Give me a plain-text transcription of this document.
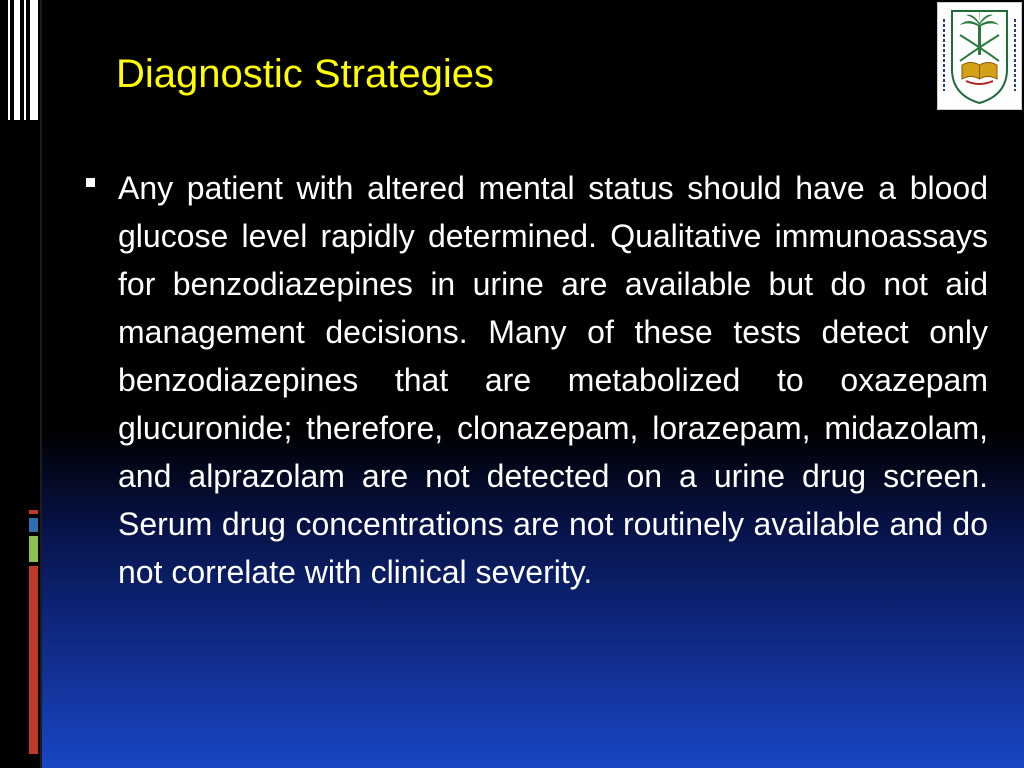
Diagnostic Strategies

Any patient with altered mental status should have a blood glucose level rapidly determined. Qualitative immunoassays for benzodiazepines in urine are available but do not aid management decisions. Many of these tests detect only benzodiazepines that are metabolized to oxazepam glucuronide; therefore, clonazepam, lorazepam, midazolam, and alprazolam are not detected on a urine drug screen. Serum drug concentrations are not routinely available and do not correlate with clinical severity.
